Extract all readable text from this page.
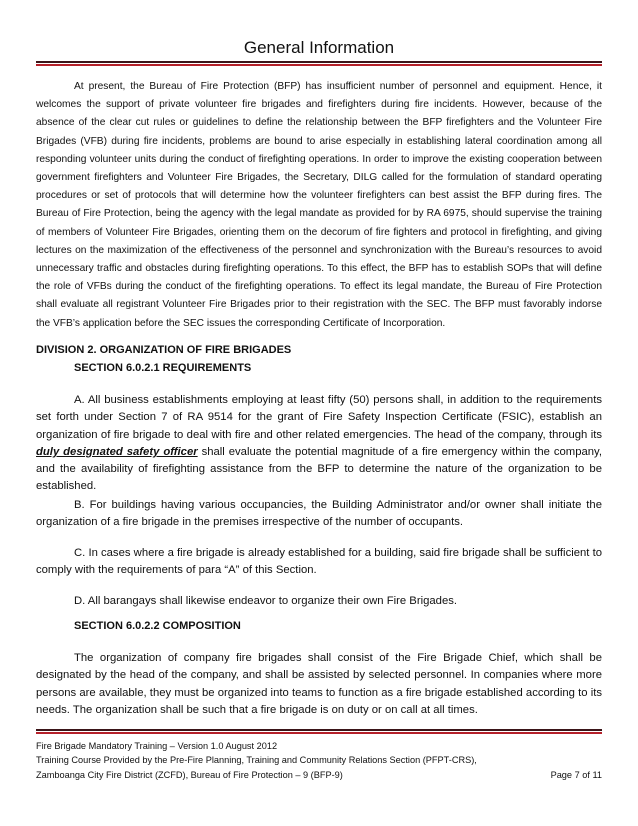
General Information

At present, the Bureau of Fire Protection (BFP) has insufficient number of personnel and equipment. Hence, it welcomes the support of private volunteer fire brigades and firefighters during fire incidents. However, because of the absence of the clear cut rules or guidelines to define the relationship between the BFP firefighters and the Volunteer Fire Brigades (VFB) during fire incidents, problems are bound to arise especially in establishing lateral coordination among all responding volunteer units during the conduct of firefighting operations. In order to improve the existing cooperation between government firefighters and Volunteer Fire Brigades, the Secretary, DILG called for the formulation of standard operating procedures or set of protocols that will determine how the volunteer firefighters can best assist the BFP during fires. The Bureau of Fire Protection, being the agency with the legal mandate as provided for by RA 6975, should supervise the training of members of Volunteer Fire Brigades, orienting them on the decorum of fire fighters and protocol in firefighting, and giving lectures on the maximization of the effectiveness of the personnel and synchronization with the Bureau’s resources to avoid unnecessary traffic and obstacles during firefighting operations. To this effect, the BFP has to establish SOPs that will define the role of VFBs during the conduct of the firefighting operations. To effect its legal mandate, the Bureau of Fire Protection shall evaluate all registrant Volunteer Fire Brigades prior to their registration with the SEC. The BFP must favorably indorse the VFB’s application before the SEC issues the corresponding Certificate of Incorporation.

DIVISION 2. ORGANIZATION OF FIRE BRIGADES

SECTION 6.0.2.1 REQUIREMENTS

A. All business establishments employing at least fifty (50) persons shall, in addition to the requirements set forth under Section 7 of RA 9514 for the grant of Fire Safety Inspection Certificate (FSIC), establish an organization of fire brigade to deal with fire and other related emergencies. The head of the company, through its duly designated safety officer shall evaluate the potential magnitude of a fire emergency within the company, and the availability of firefighting assistance from the BFP to determine the nature of the organization to be established.

B. For buildings having various occupancies, the Building Administrator and/or owner shall initiate the organization of a fire brigade in the premises irrespective of the number of occupants.

C. In cases where a fire brigade is already established for a building, said fire brigade shall be sufficient to comply with the requirements of para “A” of this Section.

D. All barangays shall likewise endeavor to organize their own Fire Brigades.

SECTION 6.0.2.2 COMPOSITION

The organization of company fire brigades shall consist of the Fire Brigade Chief, which shall be designated by the head of the company, and shall be assisted by selected personnel. In companies where more persons are available, they must be organized into teams to function as a fire brigade established according to its needs. The organization shall be such that a fire brigade is on duty or on call at all times.

Fire Brigade Mandatory Training – Version 1.0 August 2012
Training Course Provided by the Pre-Fire Planning, Training and Community Relations Section (PFPT-CRS),
Zamboanga City Fire District (ZCFD), Bureau of Fire Protection – 9 (BFP-9)	Page 7 of 11
